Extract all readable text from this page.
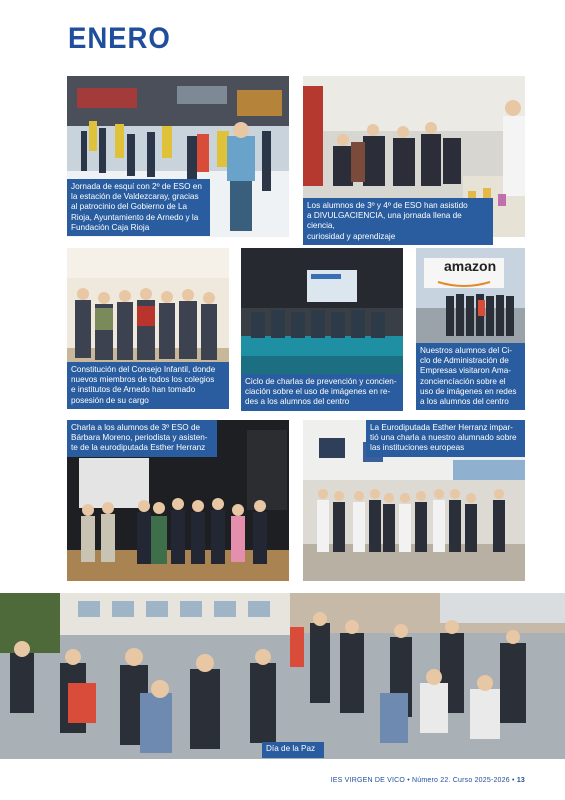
ENERO
Jornada de esquí con 2º de ESO en
la estación de Valdezcaray, gracias
al patrocinio del Gobierno de La
Rioja, Ayuntamiento de Arnedo y la
Fundación Caja Rioja
Los alumnos de 3º y 4º de ESO han asistido
a DIVULGACIENCIA, una jornada llena de ciencia,
curiosidad y aprendizaje
Constitución del Consejo Infantil, donde
nuevos miembros de todos los colegios
e institutos de Arnedo han tomado
posesión de su cargo
Ciclo de charlas de prevención y concien-
ciación sobre el uso de imágenes en re-
des a los alumnos del centro
amazon
Nuestros alumnos del Ci-
clo de Administración de
Empresas visitaron Ama-
zonciencíación sobre el
uso de imágenes en redes
a los alumnos del centro
Charla a los alumnos de 3º ESO de
Bárbara Moreno, periodista y asisten-
te de la eurodiputada Esther Herranz
La Eurodiputada Esther Herranz impar-
tió una charla a nuestro alumnado sobre
las instituciones europeas
Día de la Paz
IES VIRGEN DE VICO • Número 22. Curso 2025-2026 • 13
